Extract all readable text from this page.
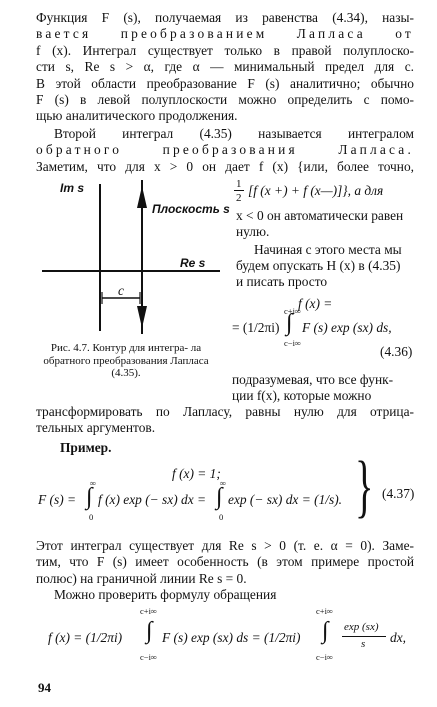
Функция F (s), получаемая из равенства (4.34), назы-
вается преобразованием Лапласа от
f (x). Интеграл существует только в правой полуплоско-
сти s, Re s > α, где α — минимальный предел для c.
В этой области преобразование F (s) аналитично; обычно
F (s) в левой полуплоскости можно определить с помо-
щью аналитического продолжения.
Второй интеграл (4.35) называется интегралом
обратного преобразования Лапласа.
Заметим, что для x > 0 он дает f (x) {или, более точно,
Im s
Плоскость s
Re s
c
Рис. 4.7. Контур для интегра- ла обратного преобразования Лапласа (4.35).
1
2 [f (x +) + f (x—)]}, а для
x < 0 он автоматически равен
нулю.
Начиная с этого места мы
будем опускать H (x) в (4.35)
и писать просто
f (x) =
c+i∞
= (1/2πi) ∫ F (s) exp (sx) ds,
c−i∞
(4.36)
подразумевая, что все функ-
ции f(x), которые можно
трансформировать по Лапласу, равны нулю для отрица-
тельных аргументов.
Пример.
f (x) = 1;
F (s) =
∞
∫
0
f (x) exp (− sx) dx =
∞
∫
0
exp (− sx) dx = (1/s). } (4.37)
Этот интеграл существует для Re s > 0 (т. е. α = 0). Заме-
тим, что F (s) имеет особенность (в этом примере простой
полюс) на граничной линии Re s = 0.
Можно проверить формулу обращения
f (x) = (1/2πi)
c+i∞
∫
c−i∞
F (s) exp (sx) ds = (1/2πi)
c+i∞
∫
c−i∞
exp (sx)
s dx,
94
